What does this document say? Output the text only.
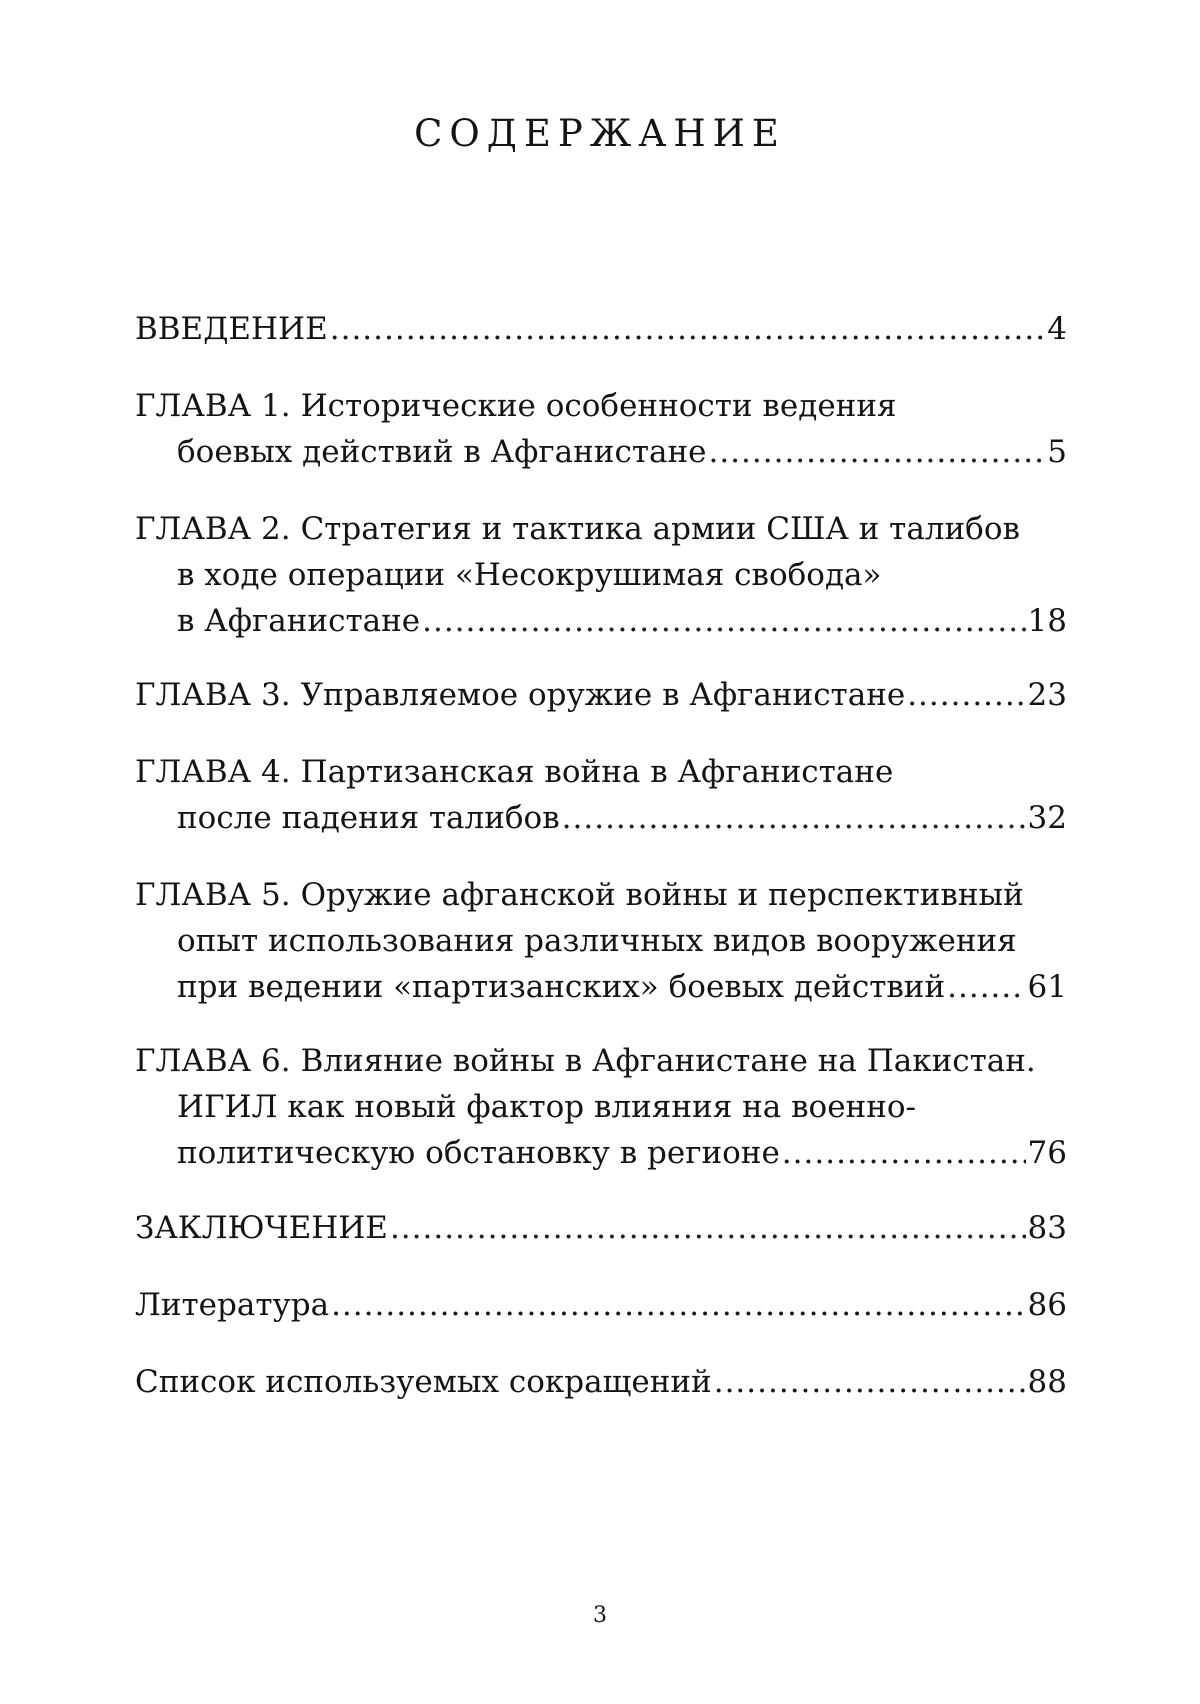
СОДЕРЖАНИЕ
ВВЕДЕНИЕ .....	4
ГЛАВА 1. Исторические особенности ведения
боевых действий в Афганистане .....	5
ГЛАВА 2. Стратегия и тактика армии США и талибов
в ходе операции «Несокрушимая свобода»
в Афганистане .....	18
ГЛАВА 3. Управляемое оружие в Афганистане .....	23
ГЛАВА 4. Партизанская война в Афганистане
после падения талибов .....	32
ГЛАВА 5. Оружие афганской войны и перспективный
опыт использования различных видов вооружения
при ведении «партизанских» боевых действий .....	61
ГЛАВА 6. Влияние войны в Афганистане на Пакистан.
ИГИЛ как новый фактор влияния на военно-
политическую обстановку в регионе .....	76
ЗАКЛЮЧЕНИЕ .....	83
Литература .....	86
Список используемых сокращений .....	88
3
